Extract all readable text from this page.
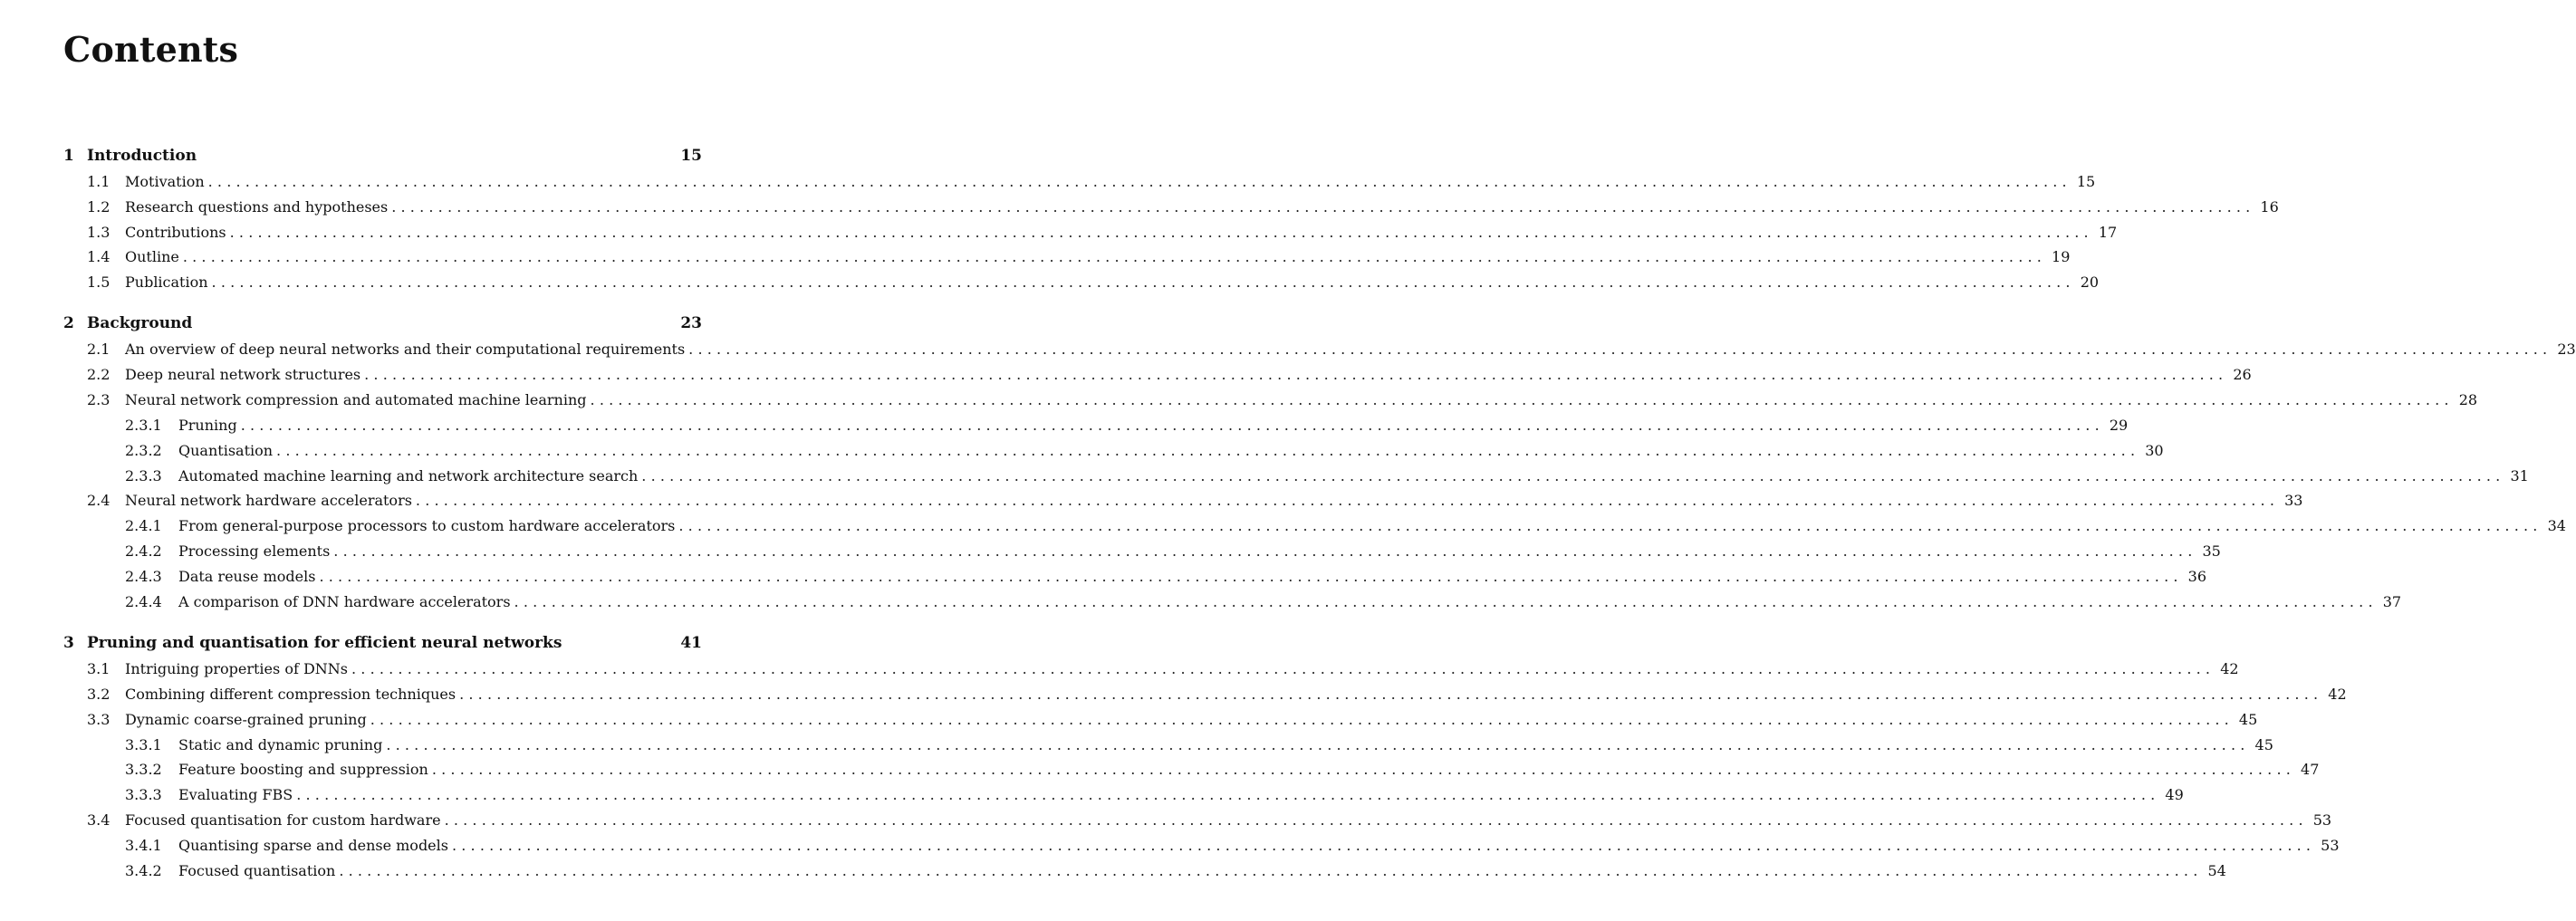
Contents
1 Introduction	15
1.1	Motivation ........................................................................................................................................................................................................ 15
1.2	Research questions and hypotheses ........................................................................................................................................................................................................ 16
1.3	Contributions ........................................................................................................................................................................................................ 17
1.4	Outline ........................................................................................................................................................................................................ 19
1.5	Publication ........................................................................................................................................................................................................ 20
2 Background	23
2.1	An overview of deep neural networks and their computational requirements ........................................................................................................................................................................................................ 23
2.2	Deep neural network structures ........................................................................................................................................................................................................ 26
2.3	Neural network compression and automated machine learning ........................................................................................................................................................................................................ 28
2.3.1	Pruning ........................................................................................................................................................................................................ 29
2.3.2	Quantisation ........................................................................................................................................................................................................ 30
2.3.3	Automated machine learning and network architecture search ........................................................................................................................................................................................................ 31
2.4	Neural network hardware accelerators ........................................................................................................................................................................................................ 33
2.4.1	From general-purpose processors to custom hardware accelerators ........................................................................................................................................................................................................ 34
2.4.2	Processing elements ........................................................................................................................................................................................................ 35
2.4.3	Data reuse models ........................................................................................................................................................................................................ 36
2.4.4	A comparison of DNN hardware accelerators ........................................................................................................................................................................................................ 37
3 Pruning and quantisation for efficient neural networks	41
3.1	Intriguing properties of DNNs ........................................................................................................................................................................................................ 42
3.2	Combining different compression techniques ........................................................................................................................................................................................................ 42
3.3	Dynamic coarse-grained pruning ........................................................................................................................................................................................................ 45
3.3.1	Static and dynamic pruning ........................................................................................................................................................................................................ 45
3.3.2	Feature boosting and suppression ........................................................................................................................................................................................................ 47
3.3.3	Evaluating FBS ........................................................................................................................................................................................................ 49
3.4	Focused quantisation for custom hardware ........................................................................................................................................................................................................ 53
3.4.1	Quantising sparse and dense models ........................................................................................................................................................................................................ 53
3.4.2	Focused quantisation ........................................................................................................................................................................................................ 54
